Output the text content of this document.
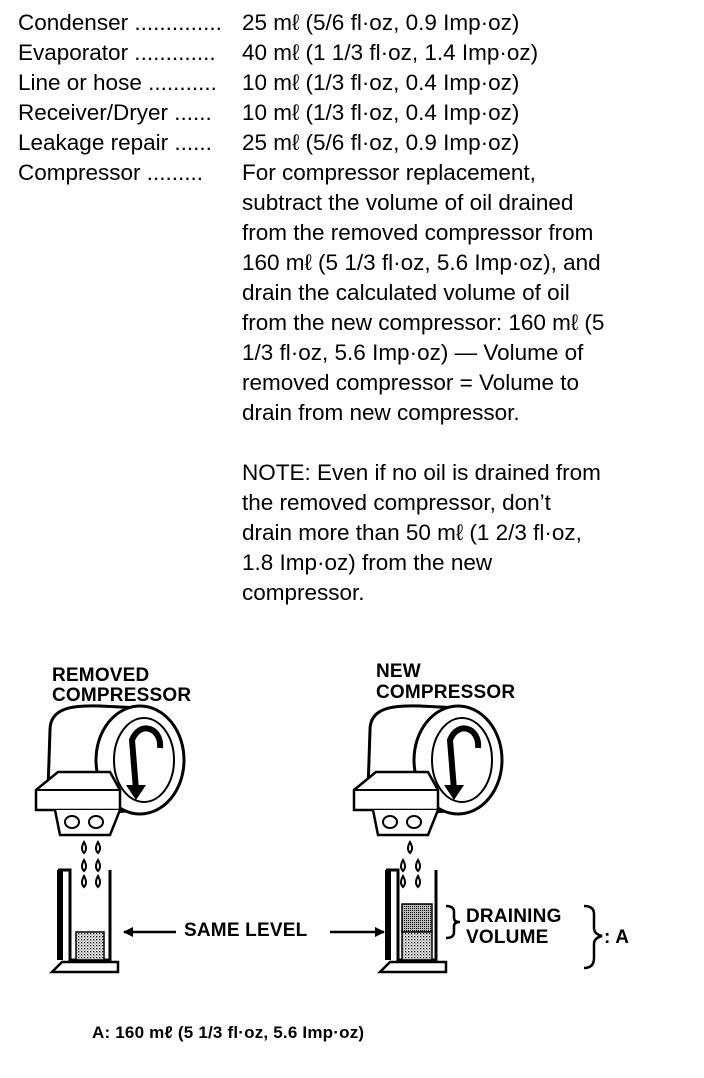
Condenser .............. 25 mℓ (5/6 fl·oz, 0.9 Imp·oz)
Evaporator .............	40 mℓ (1 1/3 fl·oz, 1.4 Imp·oz)
Line or hose ...........	10 mℓ (1/3 fl·oz, 0.4 Imp·oz)
Receiver/Dryer ......	10 mℓ (1/3 fl·oz, 0.4 Imp·oz)
Leakage repair ......	25 mℓ (5/6 fl·oz, 0.9 Imp·oz)
Compressor .........	For compressor replacement,
subtract the volume of oil drained
from the removed compressor from
160 mℓ (5 1/3 fl·oz, 5.6 Imp·oz), and
drain the calculated volume of oil
from the new compressor: 160 mℓ (5
1/3 fl·oz, 5.6 Imp·oz) — Volume of
removed compressor = Volume to
drain from new compressor.
NOTE: Even if no oil is drained from
the removed compressor, don’t
drain more than 50 mℓ (1 2/3 fl·oz,
1.8 Imp·oz) from the new
compressor.
REMOVED
COMPRESSOR
NEW
COMPRESSOR
SAME LEVEL
DRAINING
VOLUME	: A
A: 160 mℓ (5 1/3 fl·oz, 5.6 Imp·oz)
